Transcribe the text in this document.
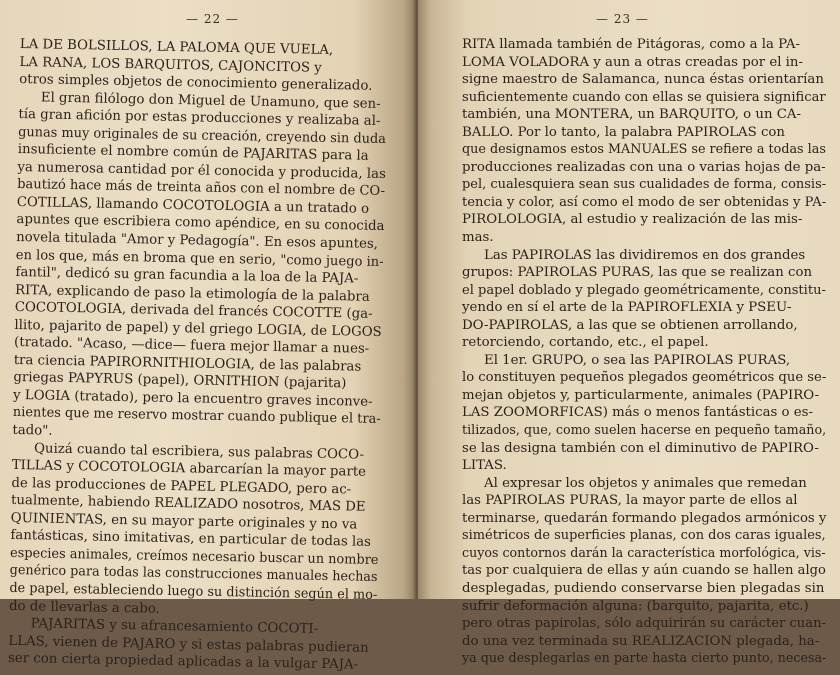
— 22 —
LA DE BOLSILLOS, LA PALOMA QUE VUELA,
LA RANA, LOS BARQUITOS, CAJONCITOS y
otros simples objetos de conocimiento generalizado.
El gran filólogo don Miguel de Unamuno, que sen-
tía gran afición por estas producciones y realizaba al-
gunas muy originales de su creación, creyendo sin duda
insuficiente el nombre común de PAJARITAS para la
ya numerosa cantidad por él conocida y producida, las
bautizó hace más de treinta años con el nombre de CO-
COTILLAS, llamando COCOTOLOGIA a un tratado o
apuntes que escribiera como apéndice, en su conocida
novela titulada "Amor y Pedagogía". En esos apuntes,
en los que, más en broma que en serio, "como juego in-
fantil", dedicó su gran facundia a la loa de la PAJA-
RITA, explicando de paso la etimología de la palabra
COCOTOLOGIA, derivada del francés COCOTTE (ga-
llito, pajarito de papel) y del griego LOGIA, de LOGOS
(tratado. "Acaso, —dice— fuera mejor llamar a nues-
tra ciencia PAPIRORNITHIOLOGIA, de las palabras
griegas PAPYRUS (papel), ORNITHION (pajarita)
y LOGIA (tratado), pero la encuentro graves inconve-
nientes que me reservo mostrar cuando publique el tra-
tado".
Quizá cuando tal escribiera, sus palabras COCO-
TILLAS y COCOTOLOGIA abarcarían la mayor parte
de las producciones de PAPEL PLEGADO, pero ac-
tualmente, habiendo REALIZADO nosotros, MAS DE
QUINIENTAS, en su mayor parte originales y no va
fantásticas, sino imitativas, en particular de todas las
especies animales, creímos necesario buscar un nombre
genérico para todas las construcciones manuales hechas
de papel, estableciendo luego su distinción según el mo-
do de llevarlas a cabo.
PAJARITAS y su afrancesamiento COCOTI-
LLAS, vienen de PAJARO y si estas palabras pudieran
ser con cierta propiedad aplicadas a la vulgar PAJA-
— 23 —
RITA llamada también de Pitágoras, como a la PA-
LOMA VOLADORA y aun a otras creadas por el in-
signe maestro de Salamanca, nunca éstas orientarían
suficientemente cuando con ellas se quisiera significar
también, una MONTERA, un BARQUITO, o un CA-
BALLO. Por lo tanto, la palabra PAPIROLAS con
que designamos estos MANUALES se refiere a todas las
producciones realizadas con una o varias hojas de pa-
pel, cualesquiera sean sus cualidades de forma, consis-
tencia y color, así como el modo de ser obtenidas y PA-
PIROLOLOGIA, al estudio y realización de las mis-
mas.
Las PAPIROLAS las dividiremos en dos grandes
grupos: PAPIROLAS PURAS, las que se realizan con
el papel doblado y plegado geométricamente, constitu-
yendo en sí el arte de la PAPIROFLEXIA y PSEU-
DO-PAPIROLAS, a las que se obtienen arrollando,
retorciendo, cortando, etc., el papel.
El 1er. GRUPO, o sea las PAPIROLAS PURAS,
lo constituyen pequeños plegados geométricos que se-
mejan objetos y, particularmente, animales (PAPIRO-
LAS ZOOMORFICAS) más o menos fantásticas o es-
tilizados, que, como suelen hacerse en pequeño tamaño,
se las designa también con el diminutivo de PAPIRO-
LITAS.
Al expresar los objetos y animales que remedan
las PAPIROLAS PURAS, la mayor parte de ellos al
terminarse, quedarán formando plegados armónicos y
simétricos de superficies planas, con dos caras iguales,
cuyos contornos darán la característica morfológica, vis-
tas por cualquiera de ellas y aún cuando se hallen algo
desplegadas, pudiendo conservarse bien plegadas sin
sufrir deformación alguna: (barquito, pajarita, etc.)
pero otras papirolas, sólo adquirirán su carácter cuan-
do una vez terminada su REALIZACION plegada, ha-
ya que desplegarlas en parte hasta cierto punto, necesa-
